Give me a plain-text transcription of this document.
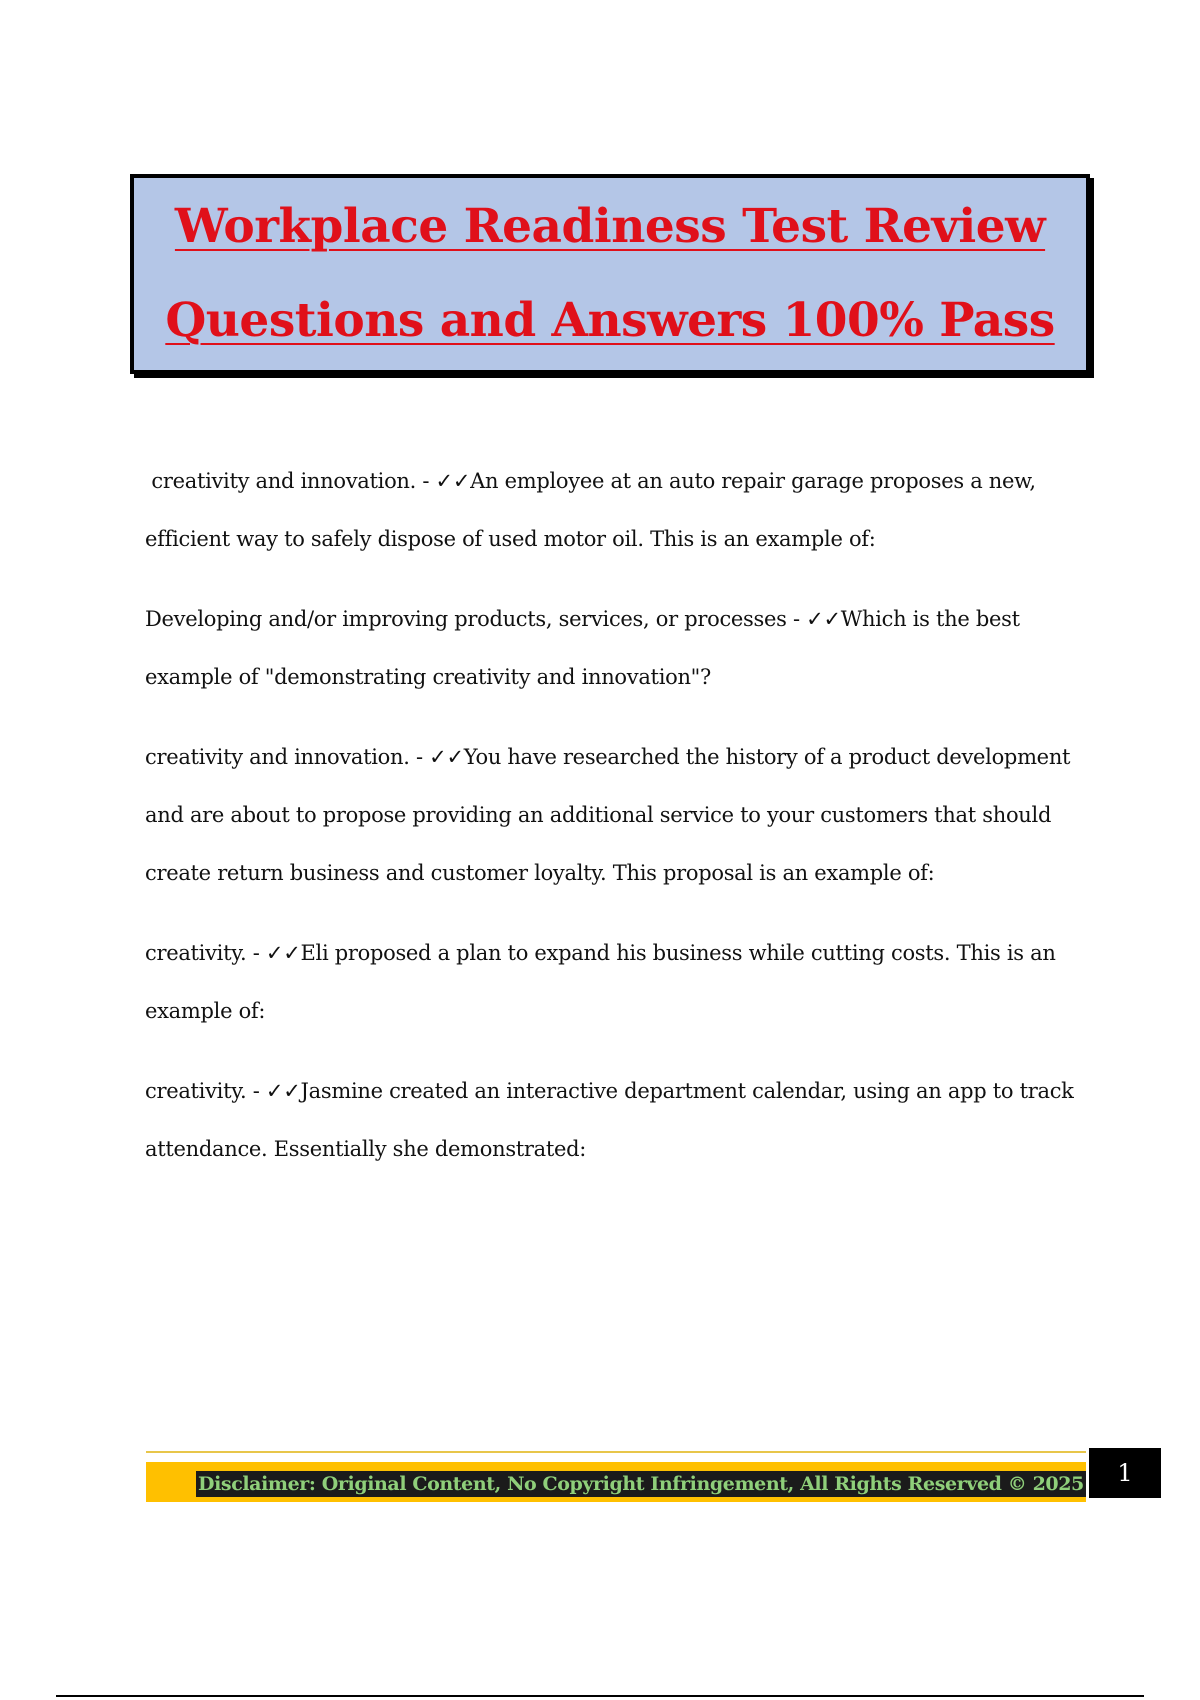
Workplace Readiness Test Review
Questions and Answers 100% Pass

creativity and innovation. - ✓✓An employee at an auto repair garage proposes a new, efficient way to safely dispose of used motor oil. This is an example of:

Developing and/or improving products, services, or processes - ✓✓Which is the best example of "demonstrating creativity and innovation"?

creativity and innovation. - ✓✓You have researched the history of a product development and are about to propose providing an additional service to your customers that should create return business and customer loyalty. This proposal is an example of:

creativity. - ✓✓Eli proposed a plan to expand his business while cutting costs. This is an example of:

creativity. - ✓✓Jasmine created an interactive department calendar, using an app to track attendance. Essentially she demonstrated:

Disclaimer: Original Content, No Copyright Infringement, All Rights Reserved © 2025	1
